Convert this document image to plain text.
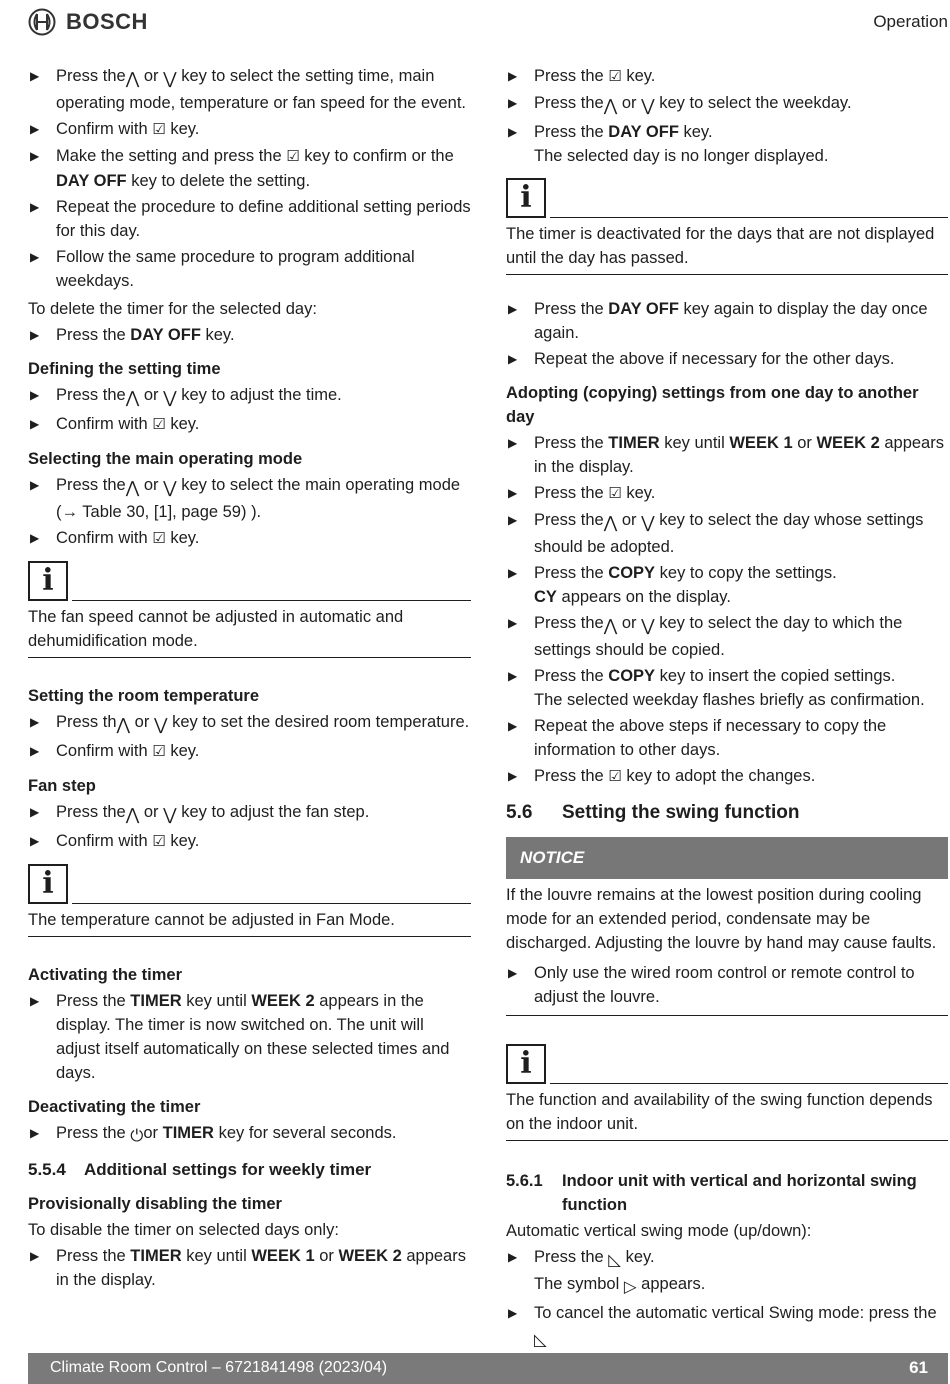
BOSCH	Operation
▶ Press the⋀ or ⋁ key to select the setting time, main operating mode, temperature or fan speed for the event.
▶ Confirm with ☑ key.
▶ Make the setting and press the ☑ key to confirm or the DAY OFF key to delete the setting.
▶ Repeat the procedure to define additional setting periods for this day.
▶ Follow the same procedure to program additional weekdays.
To delete the timer for the selected day:
▶ Press the DAY OFF key.
Defining the setting time
▶ Press the⋀ or ⋁ key to adjust the time.
▶ Confirm with ☑ key.
Selecting the main operating mode
▶ Press the⋀ or ⋁ key to select the main operating mode (→ Table 30, [1], page 59) ).
▶ Confirm with ☑ key.
i
The fan speed cannot be adjusted in automatic and dehumidification mode.
Setting the room temperature
▶ Press th⋀ or ⋁ key to set the desired room temperature.
▶ Confirm with ☑ key.
Fan step
▶ Press the⋀ or ⋁ key to adjust the fan step.
▶ Confirm with ☑ key.
i
The temperature cannot be adjusted in Fan Mode.
Activating the timer
▶ Press the TIMER key until WEEK 2 appears in the display. The timer is now switched on. The unit will adjust itself automatically on these selected times and days.
Deactivating the timer
▶ Press the ⏻or TIMER key for several seconds.
5.5.4 Additional settings for weekly timer
Provisionally disabling the timer
To disable the timer on selected days only:
▶ Press the TIMER key until WEEK 1 or WEEK 2 appears in the display.
▶ Press the ☑ key.
▶ Press the⋀ or ⋁ key to select the weekday.
▶ Press the DAY OFF key.
The selected day is no longer displayed.
i
The timer is deactivated for the days that are not displayed until the day has passed.
▶ Press the DAY OFF key again to display the day once again.
▶ Repeat the above if necessary for the other days.
Adopting (copying) settings from one day to another day
▶ Press the TIMER key until WEEK 1 or WEEK 2 appears in the display.
▶ Press the ☑ key.
▶ Press the⋀ or ⋁ key to select the day whose settings should be adopted.
▶ Press the COPY key to copy the settings.
CY appears on the display.
▶ Press the⋀ or ⋁ key to select the day to which the settings should be copied.
▶ Press the COPY key to insert the copied settings.
The selected weekday flashes briefly as confirmation.
▶ Repeat the above steps if necessary to copy the information to other days.
▶ Press the ☑ key to adopt the changes.
5.6 Setting the swing function
NOTICE
If the louvre remains at the lowest position during cooling mode for an extended period, condensate may be discharged. Adjusting the louvre by hand may cause faults.
▶ Only use the wired room control or remote control to adjust the louvre.
i
The function and availability of the swing function depends on the indoor unit.
5.6.1 Indoor unit with vertical and horizontal swing function
Automatic vertical swing mode (up/down):
▶ Press the ◺ key.
The symbol ▷ appears.
▶ To cancel the automatic vertical Swing mode: press the ◺

Climate Room Control – 6721841498 (2023/04)	61
